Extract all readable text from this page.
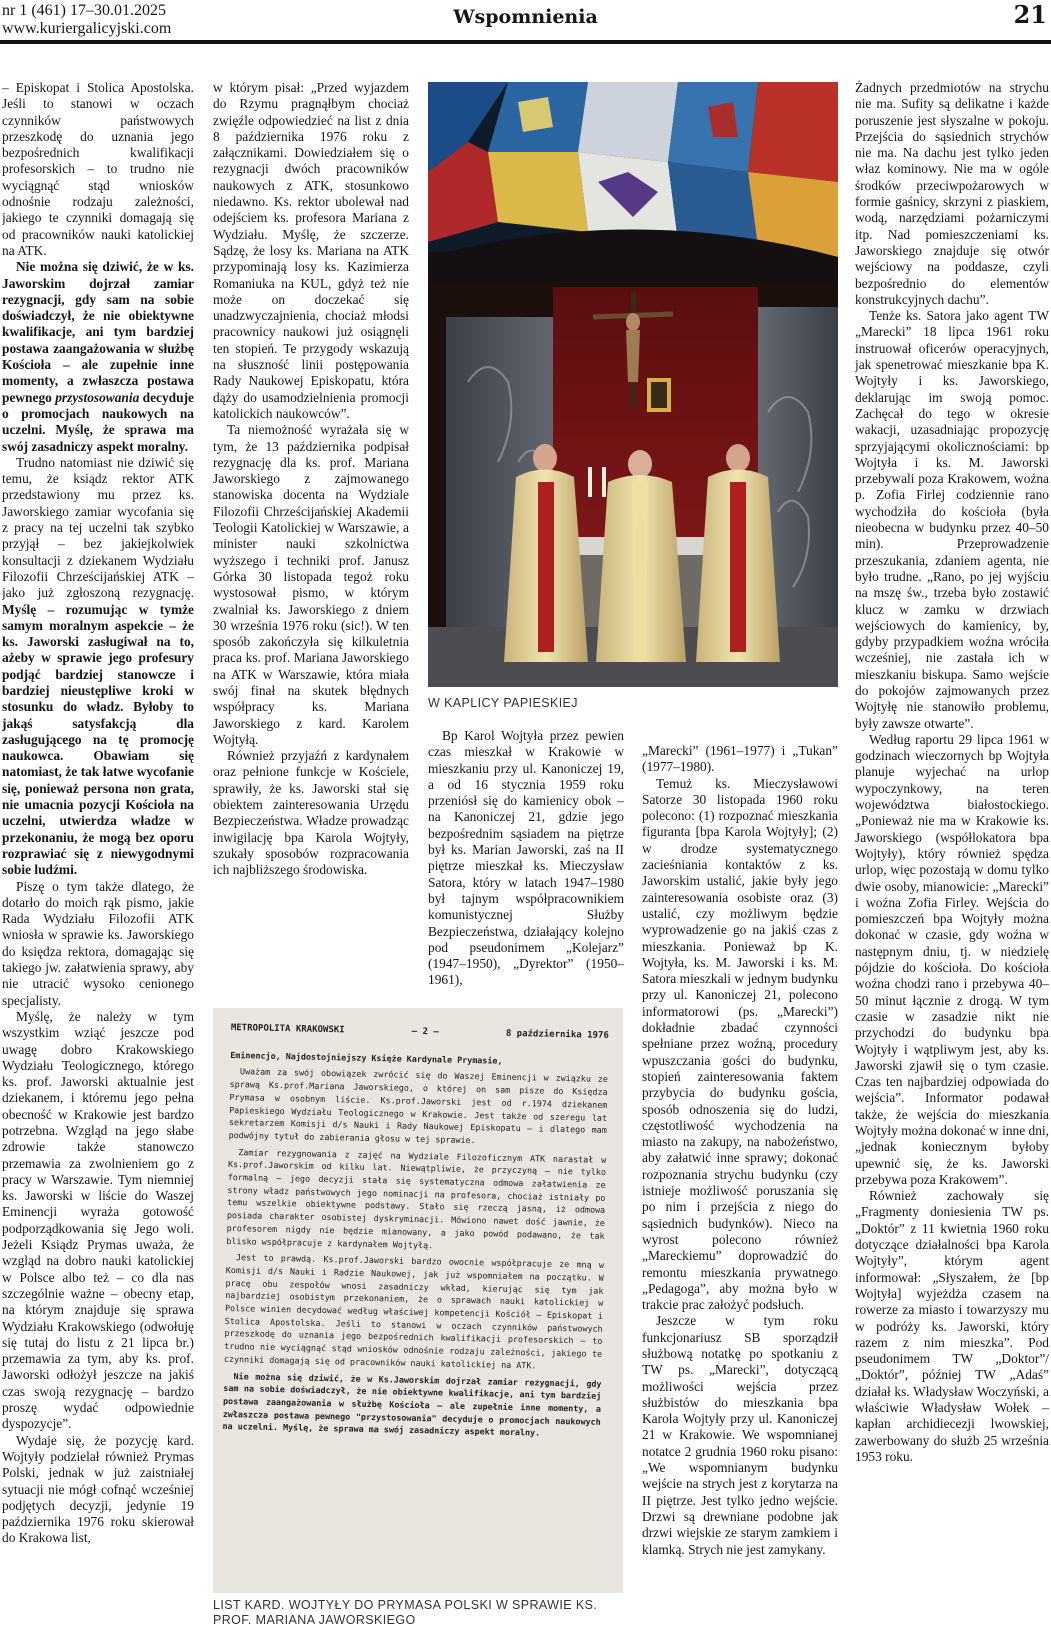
nr 1 (461) 17–30.01.2025
www.kuriergalicyjski.com
Wspomnienia	21

– Episkopat i Stolica Apostolska. Jeśli to stanowi w oczach czynników państwowych przeszkodę do uznania jego bezpośrednich kwalifikacji profesorskich – to trudno nie wyciągnąć stąd wniosków odnośnie rodzaju zależności, jakiego te czynniki domagają się od pracowników nauki katolickiej na ATK.

Nie można się dziwić, że w ks. Jaworskim dojrzał zamiar rezygnacji, gdy sam na sobie doświadczył, że nie obiektywne kwalifikacje, ani tym bardziej postawa zaangażowania w służbę Kościoła – ale zupełnie inne momenty, a zwłaszcza postawa pewnego przystosowania decyduje o promocjach naukowych na uczelni. Myślę, że sprawa ma swój zasadniczy aspekt moralny.

Trudno natomiast nie dziwić się temu, że ksiądz rektor ATK przedstawiony mu przez ks. Jaworskiego zamiar wycofania się z pracy na tej uczelni tak szybko przyjął – bez jakiejkolwiek konsultacji z dziekanem Wydziału Filozofii Chrześcijańskiej ATK – jako już zgłoszoną rezygnację. Myślę – rozumując w tymże samym moralnym aspekcie – że ks. Jaworski zasługiwał na to, ażeby w sprawie jego profesury podjąć bardziej stanowcze i bardziej nieustępliwe kroki w stosunku do władz. Byłoby to jakąś satysfakcją dla zasługującego na tę promocję naukowca. Obawiam się natomiast, że tak łatwe wycofanie się, ponieważ persona non grata, nie umacnia pozycji Kościoła na uczelni, utwierdza władze w przekonaniu, że mogą bez oporu rozprawiać się z niewygodnymi sobie ludźmi.

Piszę o tym także dlatego, że dotarło do moich rąk pismo, jakie Rada Wydziału Filozofii ATK wniosła w sprawie ks. Jaworskiego do księdza rektora, domagając się takiego jw. załatwienia sprawy, aby nie utracić wysoko cenionego specjalisty.

Myślę, że należy w tym wszystkim wziąć jeszcze pod uwagę dobro Krakowskiego Wydziału Teologicznego, którego ks. prof. Jaworski aktualnie jest dziekanem, i któremu jego pełna obecność w Krakowie jest bardzo potrzebna. Wzgląd na jego słabe zdrowie także stanowczo przemawia za zwolnieniem go z pracy w Warszawie. Tym niemniej ks. Jaworski w liście do Waszej Eminencji wyraża gotowość podporządkowania się Jego woli. Jeżeli Ksiądz Prymas uważa, że wzgląd na dobro nauki katolickiej w Polsce albo też – co dla nas szczególnie ważne – obecny etap, na którym znajduje się sprawa Wydziału Krakowskiego (odwołuję się tutaj do listu z 21 lipca br.) przemawia za tym, aby ks. prof. Jaworski odłożył jeszcze na jakiś czas swoją rezygnację – bardzo proszę wydać odpowiednie dyspozycje”.

Wydaje się, że pozycję kard. Wojtyły podzielał również Prymas Polski, jednak w już zaistniałej sytuacji nie mógł cofnąć wcześniej podjętych decyzji, jedynie 19 października 1976 roku skierował do Krakowa list,

w którym pisał: „Przed wyjazdem do Rzymu pragnąłbym chociaż zwięźle odpowiedzieć na list z dnia 8 października 1976 roku z załącznikami. Dowiedziałem się o rezygnacji dwóch pracowników naukowych z ATK, stosunkowo niedawno. Ks. rektor ubolewał nad odejściem ks. profesora Mariana z Wydziału. Myślę, że szczerze. Sądzę, że losy ks. Mariana na ATK przypominają losy ks. Kazimierza Romaniuka na KUL, gdyż też nie może on doczekać się unadzwyczajnienia, chociaż młodsi pracownicy naukowi już osiągnęli ten stopień. Te przygody wskazują na słuszność linii postępowania Rady Naukowej Episkopatu, która dąży do usamodzielnienia promocji katolickich naukowców”.

Ta niemożność wyrażała się w tym, że 13 października podpisał rezygnację dla ks. prof. Mariana Jaworskiego z zajmowanego stanowiska docenta na Wydziale Filozofii Chrześcijańskiej Akademii Teologii Katolickiej w Warszawie, a minister nauki szkolnictwa wyższego i techniki prof. Janusz Górka 30 listopada tegoż roku wystosował pismo, w którym zwalniał ks. Jaworskiego z dniem 30 września 1976 roku (sic!). W ten sposób zakończyła się kilkuletnia praca ks. prof. Mariana Jaworskiego na ATK w Warszawie, która miała swój finał na skutek błędnych współpracy ks. Mariana Jaworskiego z kard. Karolem Wojtyłą.

Również przyjaźń z kardynałem oraz pełnione funkcje w Kościele, sprawiły, że ks. Jaworski stał się obiektem zainteresowania Urzędu Bezpieczeństwa. Władze prowadząc inwigilację bpa Karola Wojtyły, szukały sposobów rozpracowania ich najbliższego środowiska.

W KAPLICY PAPIESKIEJ

Bp Karol Wojtyła przez pewien czas mieszkał w Krakowie w mieszkaniu przy ul. Kanoniczej 19, a od 16 stycznia 1959 roku przeniósł się do kamienicy obok – na Kanoniczej 21, gdzie jego bezpośrednim sąsiadem na piętrze był ks. Marian Jaworski, zaś na II piętrze mieszkał ks. Mieczysław Satora, który w latach 1947–1980 był tajnym współpracownikiem komunistycznej Służby Bezpieczeństwa, działający kolejno pod pseudonimem „Kolejarz” (1947–1950), „Dyrektor” (1950–1961),

„Marecki” (1961–1977) i „Tukan” (1977–1980).

Temuż ks. Mieczysławowi Satorze 30 listopada 1960 roku polecono: (1) rozpoznać mieszkania figuranta [bpa Karola Wojtyły]; (2) w drodze systematycznego zacieśniania kontaktów z ks. Jaworskim ustalić, jakie były jego zainteresowania osobiste oraz (3) ustalić, czy możliwym będzie wyprowadzenie go na jakiś czas z mieszkania. Ponieważ bp K. Wojtyła, ks. M. Jaworski i ks. M. Satora mieszkali w jednym budynku przy ul. Kanoniczej 21, polecono informatorowi (ps. „Marecki”) dokładnie zbadać czynności spełniane przez woźną, procedury wpuszczania gości do budynku, stopień zainteresowania faktem przybycia do budynku gościa, sposób odnoszenia się do ludzi, częstotliwość wychodzenia na miasto na zakupy, na nabożeństwo, aby załatwić inne sprawy; dokonać rozpoznania strychu budynku (czy istnieje możliwość poruszania się po nim i przejścia z niego do sąsiednich budynków). Nieco na wyrost polecono również „Mareckiemu” doprowadzić do remontu mieszkania prywatnego „Pedagoga”, aby można było w trakcie prac założyć podsłuch.

Jeszcze w tym roku funkcjonariusz SB sporządził służbową notatkę po spotkaniu z TW ps. „Marecki”, dotyczącą możliwości wejścia przez służbistów do mieszkania bpa Karola Wojtyły przy ul. Kanoniczej 21 w Krakowie. We wspomnianej notatce 2 grudnia 1960 roku pisano: „We wspomnianym budynku wejście na strych jest z korytarza na II piętrze. Jest tylko jedno wejście. Drzwi są drewniane podobne jak drzwi wiejskie ze starym zamkiem i klamką. Strych nie jest zamykany.

Żadnych przedmiotów na strychu nie ma. Sufity są delikatne i każde poruszenie jest słyszalne w pokoju. Przejścia do sąsiednich strychów nie ma. Na dachu jest tylko jeden właz kominowy. Nie ma w ogóle środków przeciwpożarowych w formie gaśnicy, skrzyni z piaskiem, wodą, narzędziami pożarniczymi itp. Nad pomieszczeniami ks. Jaworskiego znajduje się otwór wejściowy na poddasze, czyli bezpośrednio do elementów konstrukcyjnych dachu”.

Tenże ks. Satora jako agent TW „Marecki” 18 lipca 1961 roku instruował oficerów operacyjnych, jak spenetrować mieszkanie bpa K. Wojtyły i ks. Jaworskiego, deklarując im swoją pomoc. Zachęcał do tego w okresie wakacji, uzasadniając propozycję sprzyjającymi okolicznościami: bp Wojtyła i ks. M. Jaworski przebywali poza Krakowem, woźna p. Zofia Firlej codziennie rano wychodziła do kościoła (była nieobecna w budynku przez 40–50 min). Przeprowadzenie przeszukania, zdaniem agenta, nie było trudne. „Rano, po jej wyjściu na mszę św., trzeba było zostawić klucz w zamku w drzwiach wejściowych do kamienicy, by, gdyby przypadkiem woźna wróciła wcześniej, nie zastała ich w mieszkaniu biskupa. Samo wejście do pokojów zajmowanych przez Wojtyłę nie stanowiło problemu, były zawsze otwarte”.

Według raportu 29 lipca 1961 w godzinach wieczornych bp Wojtyła planuje wyjechać na urlop wypoczynkowy, na teren województwa białostockiego. „Ponieważ nie ma w Krakowie ks. Jaworskiego (współlokatora bpa Wojtyły), który również spędza urlop, więc pozostają w domu tylko dwie osoby, mianowicie: „Marecki” i woźna Zofia Firley. Wejścia do pomieszczeń bpa Wojtyły można dokonać w czasie, gdy woźna w następnym dniu, tj. w niedzielę pójdzie do kościoła. Do kościoła woźna chodzi rano i przebywa 40–50 minut łącznie z drogą. W tym czasie w zasadzie nikt nie przychodzi do budynku bpa Wojtyły i wątpliwym jest, aby ks. Jaworski zjawił się o tym czasie. Czas ten najbardziej odpowiada do wejścia”. Informator podawał także, że wejścia do mieszkania Wojtyły można dokonać w inne dni, „jednak koniecznym byłoby upewnić się, że ks. Jaworski przebywa poza Krakowem”.

Również zachowały się „Fragmenty doniesienia TW ps. „Doktór” z 11 kwietnia 1960 roku dotyczące działalności bpa Karola Wojtyły”, którym agent informował: „Słyszałem, że [bp Wojtyła] wyjeżdża czasem na rowerze za miasto i towarzyszy mu w podróży ks. Jaworski, który razem z nim mieszka”. Pod pseudonimem TW „Doktor”/„Doktór”, później TW „Adaś” działał ks. Władysław Woczyński, a właściwie Władysław Wołek – kapłan archidiecezji lwowskiej, zawerbowany do służb 25 września 1953 roku.

METROPOLITA KRAKOWSKI	– 2 –	8 października 1976
Eminencjo, Najdostojniejszy Księże Kardynale Prymasie,
Uważam za swój obowiązek zwrócić się do Waszej Eminencji w związku ze sprawą Ks.prof.Mariana Jaworskiego, o której on sam pisze do Księdza Prymasa w osobnym liście. Ks.prof.Jaworski jest od r.1974 dziekanem Papieskiego Wydziału Teologicznego w Krakowie. Jest także od szeregu lat sekretarzem Komisji d/s Nauki i Rady Naukowej Episkopatu – i dlatego mam podwójny tytuł do zabierania głosu w tej sprawie.
Zamiar rezygnowania z zajęć na Wydziale Filozoficznym ATK narastał w Ks.prof.Jaworskim od kilku lat. Niewątpliwie, że przyczyną – nie tylko formalną – jego decyzji stała się systematyczna odmowa załatwienia ze strony władz państwowych jego nominacji na profesora, chociaż istniały po temu wszelkie obiektywne podstawy. Stało się rzeczą jasną, iż odmowa posiada charakter osobistej dyskryminacji. Mówiono nawet dość jawnie, że profesorem nigdy nie będzie mianowany, a jako powód podawano, że tak blisko współpracuje z kardynałem Wojtyłą.
Jest to prawdą. Ks.prof.Jaworski bardzo owocnie współpracuje ze mną w Komisji d/s Nauki i Radzie Naukowej, jak już wspomniałem na początku. W pracę obu zespołów wnosi zasadniczy wkład, kierując się tym jak najbardziej osobistym przekonaniem, że o sprawach nauki katolickiej w Polsce winien decydować według właściwej kompetencji Kościół – Episkopat i Stolica Apostolska. Jeśli to stanowi w oczach czynników państwowych przeszkodę do uznania jego bezpośrednich kwalifikacji profesorskich – to trudno nie wyciągnąć stąd wniosków odnośnie rodzaju zależności, jakiego te czynniki domagają się od pracowników nauki katolickiej na ATK.
Nie można się dziwić, że w Ks.Jaworskim dojrzał zamiar rezygnacji, gdy sam na sobie doświadczył, że nie obiektywne kwalifikacje, ani tym bardziej postawa zaangażowania w służbę Kościoła – ale zupełnie inne momenty, a zwłaszcza postawa pewnego "przystosowania" decyduje o promocjach naukowych na uczelni. Myślę, że sprawa ma swój zasadniczy aspekt moralny.
LIST KARD. WOJTYŁY DO PRYMASA POLSKI W SPRAWIE KS. PROF. MARIANA JAWORSKIEGO
